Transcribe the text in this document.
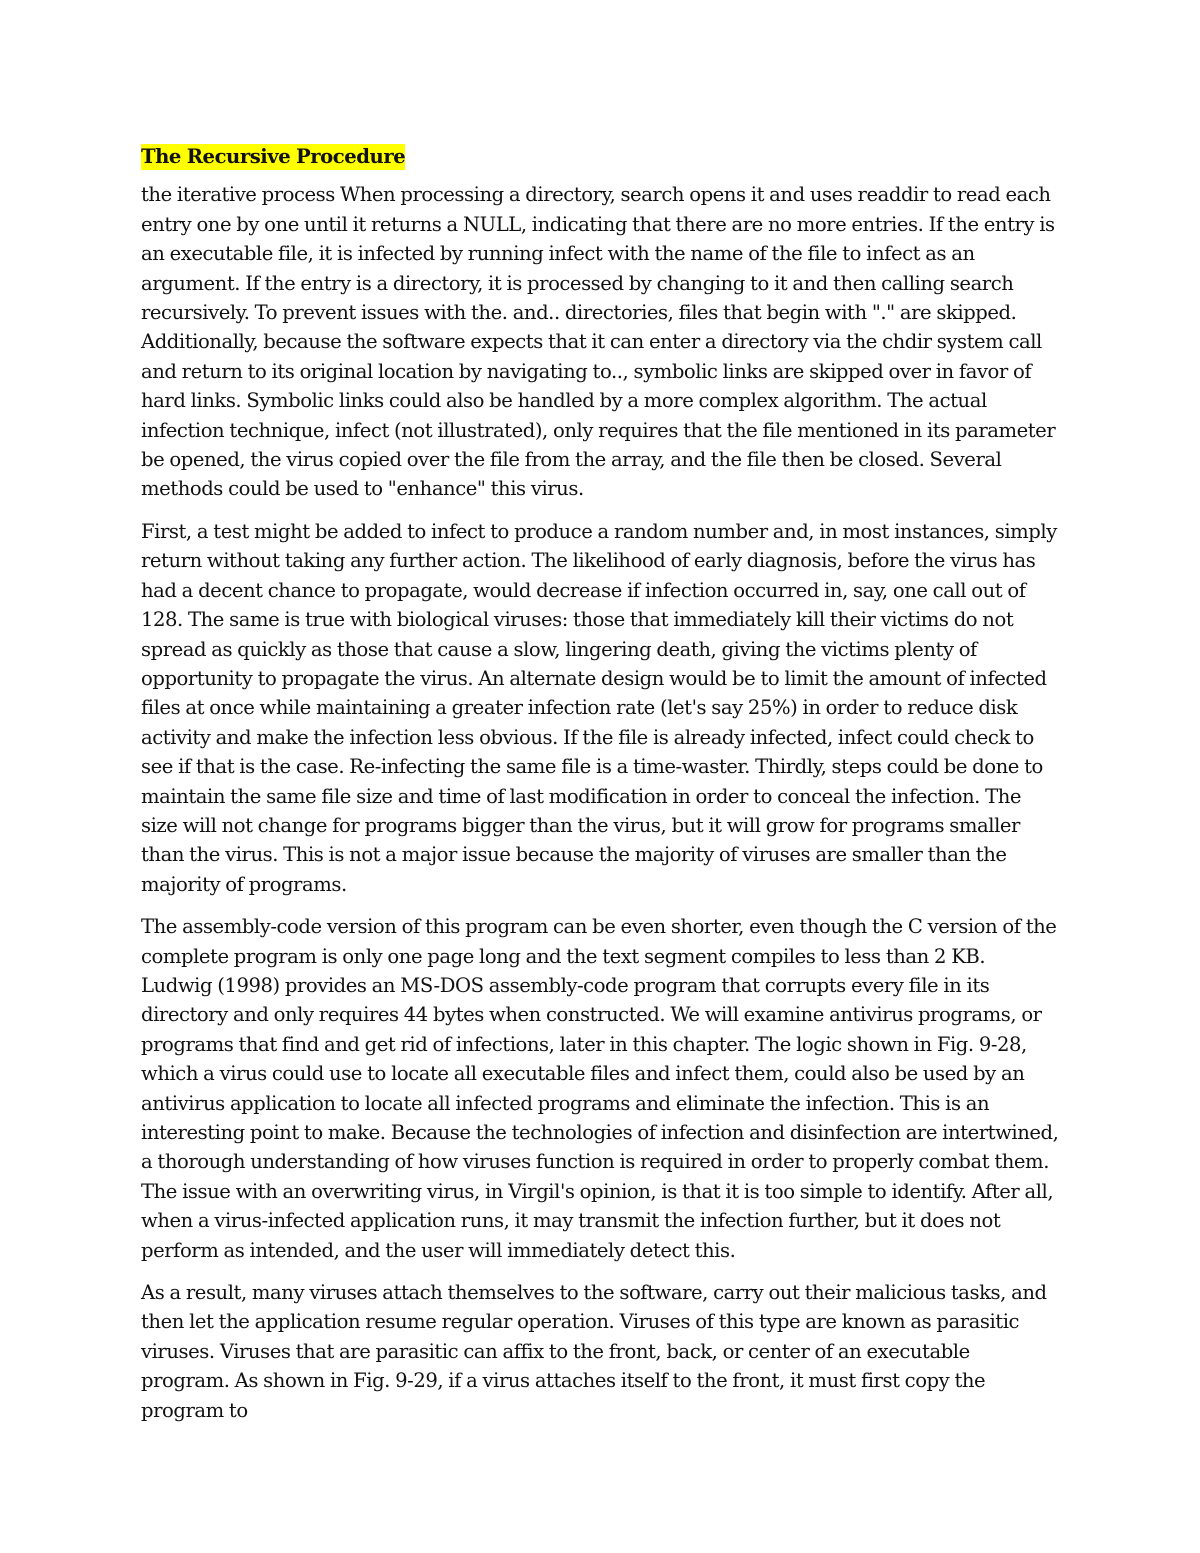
The Recursive Procedure

the iterative process When processing a directory, search opens it and uses readdir to read each entry one by one until it returns a NULL, indicating that there are no more entries. If the entry is an executable file, it is infected by running infect with the name of the file to infect as an argument. If the entry is a directory, it is processed by changing to it and then calling search recursively. To prevent issues with the. and.. directories, files that begin with "." are skipped. Additionally, because the software expects that it can enter a directory via the chdir system call and return to its original location by navigating to.., symbolic links are skipped over in favor of hard links. Symbolic links could also be handled by a more complex algorithm. The actual infection technique, infect (not illustrated), only requires that the file mentioned in its parameter be opened, the virus copied over the file from the array, and the file then be closed. Several methods could be used to "enhance" this virus.

First, a test might be added to infect to produce a random number and, in most instances, simply return without taking any further action. The likelihood of early diagnosis, before the virus has had a decent chance to propagate, would decrease if infection occurred in, say, one call out of 128. The same is true with biological viruses: those that immediately kill their victims do not spread as quickly as those that cause a slow, lingering death, giving the victims plenty of opportunity to propagate the virus. An alternate design would be to limit the amount of infected files at once while maintaining a greater infection rate (let's say 25%) in order to reduce disk activity and make the infection less obvious. If the file is already infected, infect could check to see if that is the case. Re-infecting the same file is a time-waster. Thirdly, steps could be done to maintain the same file size and time of last modification in order to conceal the infection. The size will not change for programs bigger than the virus, but it will grow for programs smaller than the virus. This is not a major issue because the majority of viruses are smaller than the majority of programs.

The assembly-code version of this program can be even shorter, even though the C version of the complete program is only one page long and the text segment compiles to less than 2 KB. Ludwig (1998) provides an MS-DOS assembly-code program that corrupts every file in its directory and only requires 44 bytes when constructed. We will examine antivirus programs, or programs that find and get rid of infections, later in this chapter. The logic shown in Fig. 9-28, which a virus could use to locate all executable files and infect them, could also be used by an antivirus application to locate all infected programs and eliminate the infection. This is an interesting point to make. Because the technologies of infection and disinfection are intertwined, a thorough understanding of how viruses function is required in order to properly combat them. The issue with an overwriting virus, in Virgil's opinion, is that it is too simple to identify. After all, when a virus-infected application runs, it may transmit the infection further, but it does not perform as intended, and the user will immediately detect this.

As a result, many viruses attach themselves to the software, carry out their malicious tasks, and then let the application resume regular operation. Viruses of this type are known as parasitic viruses. Viruses that are parasitic can affix to the front, back, or center of an executable program. As shown in Fig. 9-29, if a virus attaches itself to the front, it must first copy the program to
